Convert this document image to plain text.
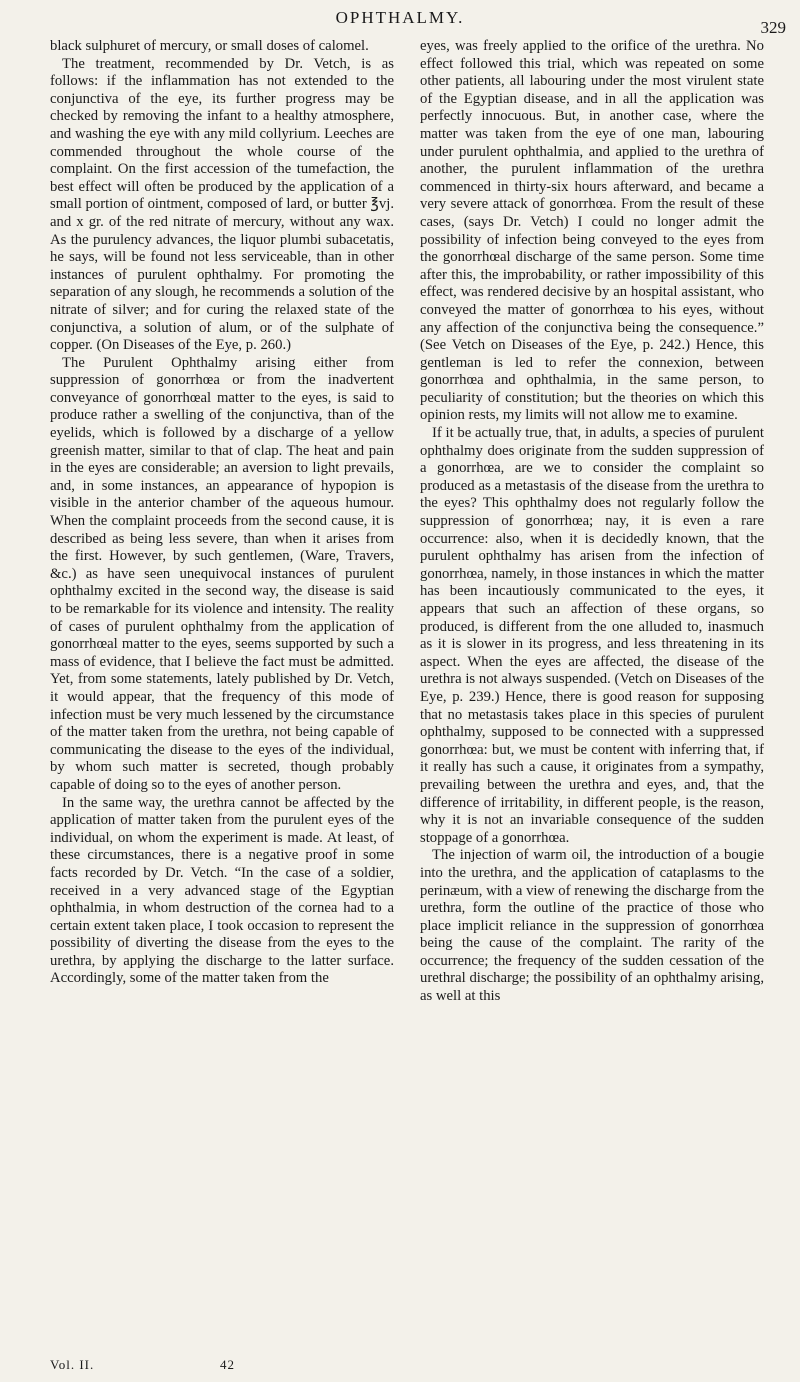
OPHTHALMY.
329

black sulphuret of mercury, or small doses of calomel.

The treatment, recommended by Dr. Vetch, is as follows: if the inflammation has not extended to the conjunctiva of the eye, its further progress may be checked by removing the infant to a healthy atmosphere, and washing the eye with any mild collyrium. Leeches are commended throughout the whole course of the complaint. On the first accession of the tumefaction, the best effect will often be produced by the application of a small portion of ointment, composed of lard, or butter ℥vj. and x gr. of the red nitrate of mercury, without any wax. As the purulency advances, the liquor plumbi subacetatis, he says, will be found not less serviceable, than in other instances of purulent ophthalmy. For promoting the separation of any slough, he recommends a solution of the nitrate of silver; and for curing the relaxed state of the conjunctiva, a solution of alum, or of the sulphate of copper. (On Diseases of the Eye, p. 260.)

The Purulent Ophthalmy arising either from suppression of gonorrhœa or from the inadvertent conveyance of gonorrhœal matter to the eyes, is said to produce rather a swelling of the conjunctiva, than of the eyelids, which is followed by a discharge of a yellow greenish matter, similar to that of clap. The heat and pain in the eyes are considerable; an aversion to light prevails, and, in some instances, an appearance of hypopion is visible in the anterior chamber of the aqueous humour. When the complaint proceeds from the second cause, it is described as being less severe, than when it arises from the first. However, by such gentlemen, (Ware, Travers, &c.) as have seen unequivocal instances of purulent ophthalmy excited in the second way, the disease is said to be remarkable for its violence and intensity. The reality of cases of purulent ophthalmy from the application of gonorrhœal matter to the eyes, seems supported by such a mass of evidence, that I believe the fact must be admitted. Yet, from some statements, lately published by Dr. Vetch, it would appear, that the frequency of this mode of infection must be very much lessened by the circumstance of the matter taken from the urethra, not being capable of communicating the disease to the eyes of the individual, by whom such matter is secreted, though probably capable of doing so to the eyes of another person.

In the same way, the urethra cannot be affected by the application of matter taken from the purulent eyes of the individual, on whom the experiment is made. At least, of these circumstances, there is a negative proof in some facts recorded by Dr. Vetch. “In the case of a soldier, received in a very advanced stage of the Egyptian ophthalmia, in whom destruction of the cornea had to a certain extent taken place, I took occasion to represent the possibility of diverting the disease from the eyes to the urethra, by applying the discharge to the latter surface. Accordingly, some of the matter taken from the

eyes, was freely applied to the orifice of the urethra. No effect followed this trial, which was repeated on some other patients, all labouring under the most virulent state of the Egyptian disease, and in all the application was perfectly innocuous. But, in another case, where the matter was taken from the eye of one man, labouring under purulent ophthalmia, and applied to the urethra of another, the purulent inflammation of the urethra commenced in thirty-six hours afterward, and became a very severe attack of gonorrhœa. From the result of these cases, (says Dr. Vetch) I could no longer admit the possibility of infection being conveyed to the eyes from the gonorrhœal discharge of the same person. Some time after this, the improbability, or rather impossibility of this effect, was rendered decisive by an hospital assistant, who conveyed the matter of gonorrhœa to his eyes, without any affection of the conjunctiva being the consequence.” (See Vetch on Diseases of the Eye, p. 242.) Hence, this gentleman is led to refer the connexion, between gonorrhœa and ophthalmia, in the same person, to peculiarity of constitution; but the theories on which this opinion rests, my limits will not allow me to examine.

If it be actually true, that, in adults, a species of purulent ophthalmy does originate from the sudden suppression of a gonorrhœa, are we to consider the complaint so produced as a metastasis of the disease from the urethra to the eyes? This ophthalmy does not regularly follow the suppression of gonorrhœa; nay, it is even a rare occurrence: also, when it is decidedly known, that the purulent ophthalmy has arisen from the infection of gonorrhœa, namely, in those instances in which the matter has been incautiously communicated to the eyes, it appears that such an affection of these organs, so produced, is different from the one alluded to, inasmuch as it is slower in its progress, and less threatening in its aspect. When the eyes are affected, the disease of the urethra is not always suspended. (Vetch on Diseases of the Eye, p. 239.) Hence, there is good reason for supposing that no metastasis takes place in this species of purulent ophthalmy, supposed to be connected with a suppressed gonorrhœa: but, we must be content with inferring that, if it really has such a cause, it originates from a sympathy, prevailing between the urethra and eyes, and, that the difference of irritability, in different people, is the reason, why it is not an invariable consequence of the sudden stoppage of a gonorrhœa.

The injection of warm oil, the introduction of a bougie into the urethra, and the application of cataplasms to the perinæum, with a view of renewing the discharge from the urethra, form the outline of the practice of those who place implicit reliance in the suppression of gonorrhœa being the cause of the complaint. The rarity of the occurrence; the frequency of the sudden cessation of the urethral discharge; the possibility of an ophthalmy arising, as well at this

Vol. II.	42
